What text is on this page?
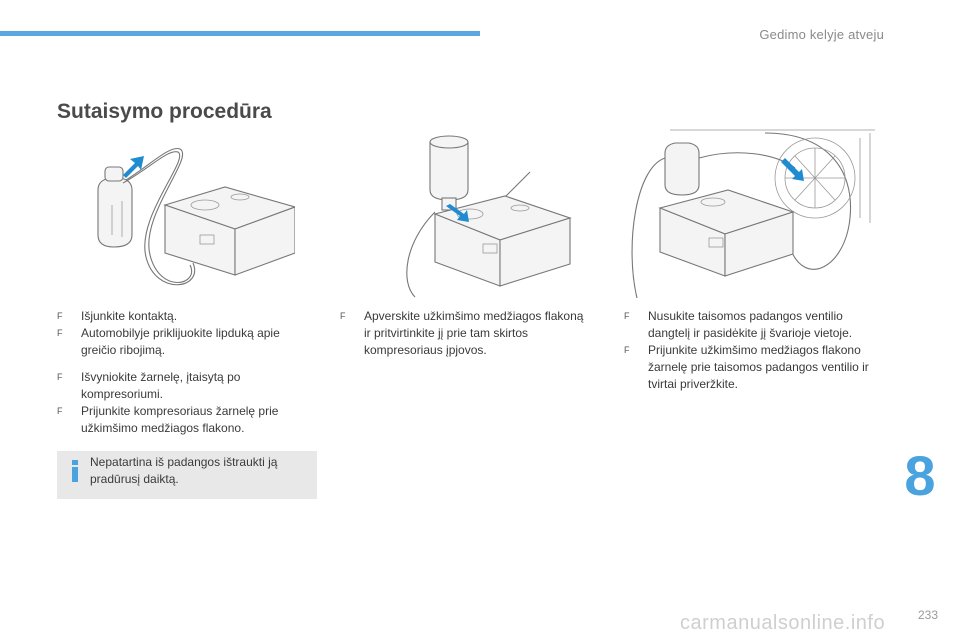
Gedimo kelyje atveju
Sutaisymo procedūra

F Išjunkite kontaktą.

F Automobilyje priklijuokite lipduką apie greičio ribojimą.

F Išvyniokite žarnelę, įtaisytą po kompresoriumi.

F Prijunkite kompresoriaus žarnelę prie užkimšimo medžiagos flakono.

F Apverskite užkimšimo medžiagos flakoną ir pritvirtinkite jį prie tam skirtos kompresoriaus įpjovos.

F Nusukite taisomos padangos ventilio dangtelį ir pasidėkite jį švarioje vietoje.

F Prijunkite užkimšimo medžiagos flakono žarnelę prie taisomos padangos ventilio ir tvirtai priveržkite.

Nepatartina iš padangos ištraukti ją pradūrusį daiktą.	8
233
carmanualsonline.info
